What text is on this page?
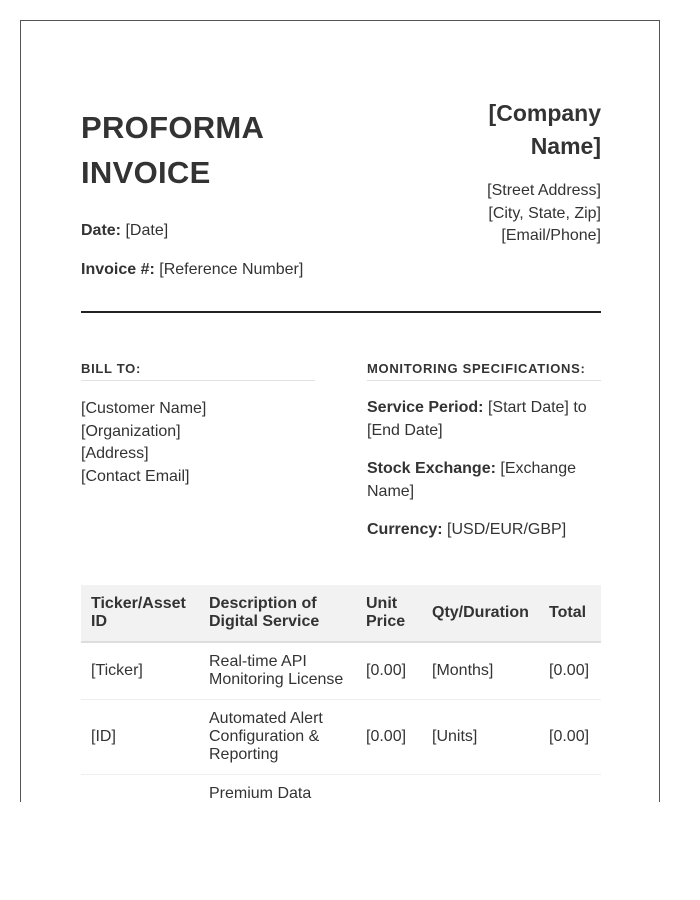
PROFORMA
INVOICE
Date: [Date]
Invoice #: [Reference Number]
[Company
Name]
[Street Address]
[City, State, Zip]
[Email/Phone]
BILL TO:
[Customer Name]
[Organization]
[Address]
[Contact Email]
MONITORING SPECIFICATIONS:
Service Period: [Start Date] to [End Date]
Stock Exchange: [Exchange Name]
Currency: [USD/EUR/GBP]
Ticker/Asset ID	Description of Digital Service	Unit Price	Qty/Duration	Total
[Ticker]	Real-time API Monitoring License	[0.00]	[Months]	[0.00]
[ID]	Automated Alert Configuration & Reporting	[0.00]	[Units]	[0.00]
	Premium Data			
